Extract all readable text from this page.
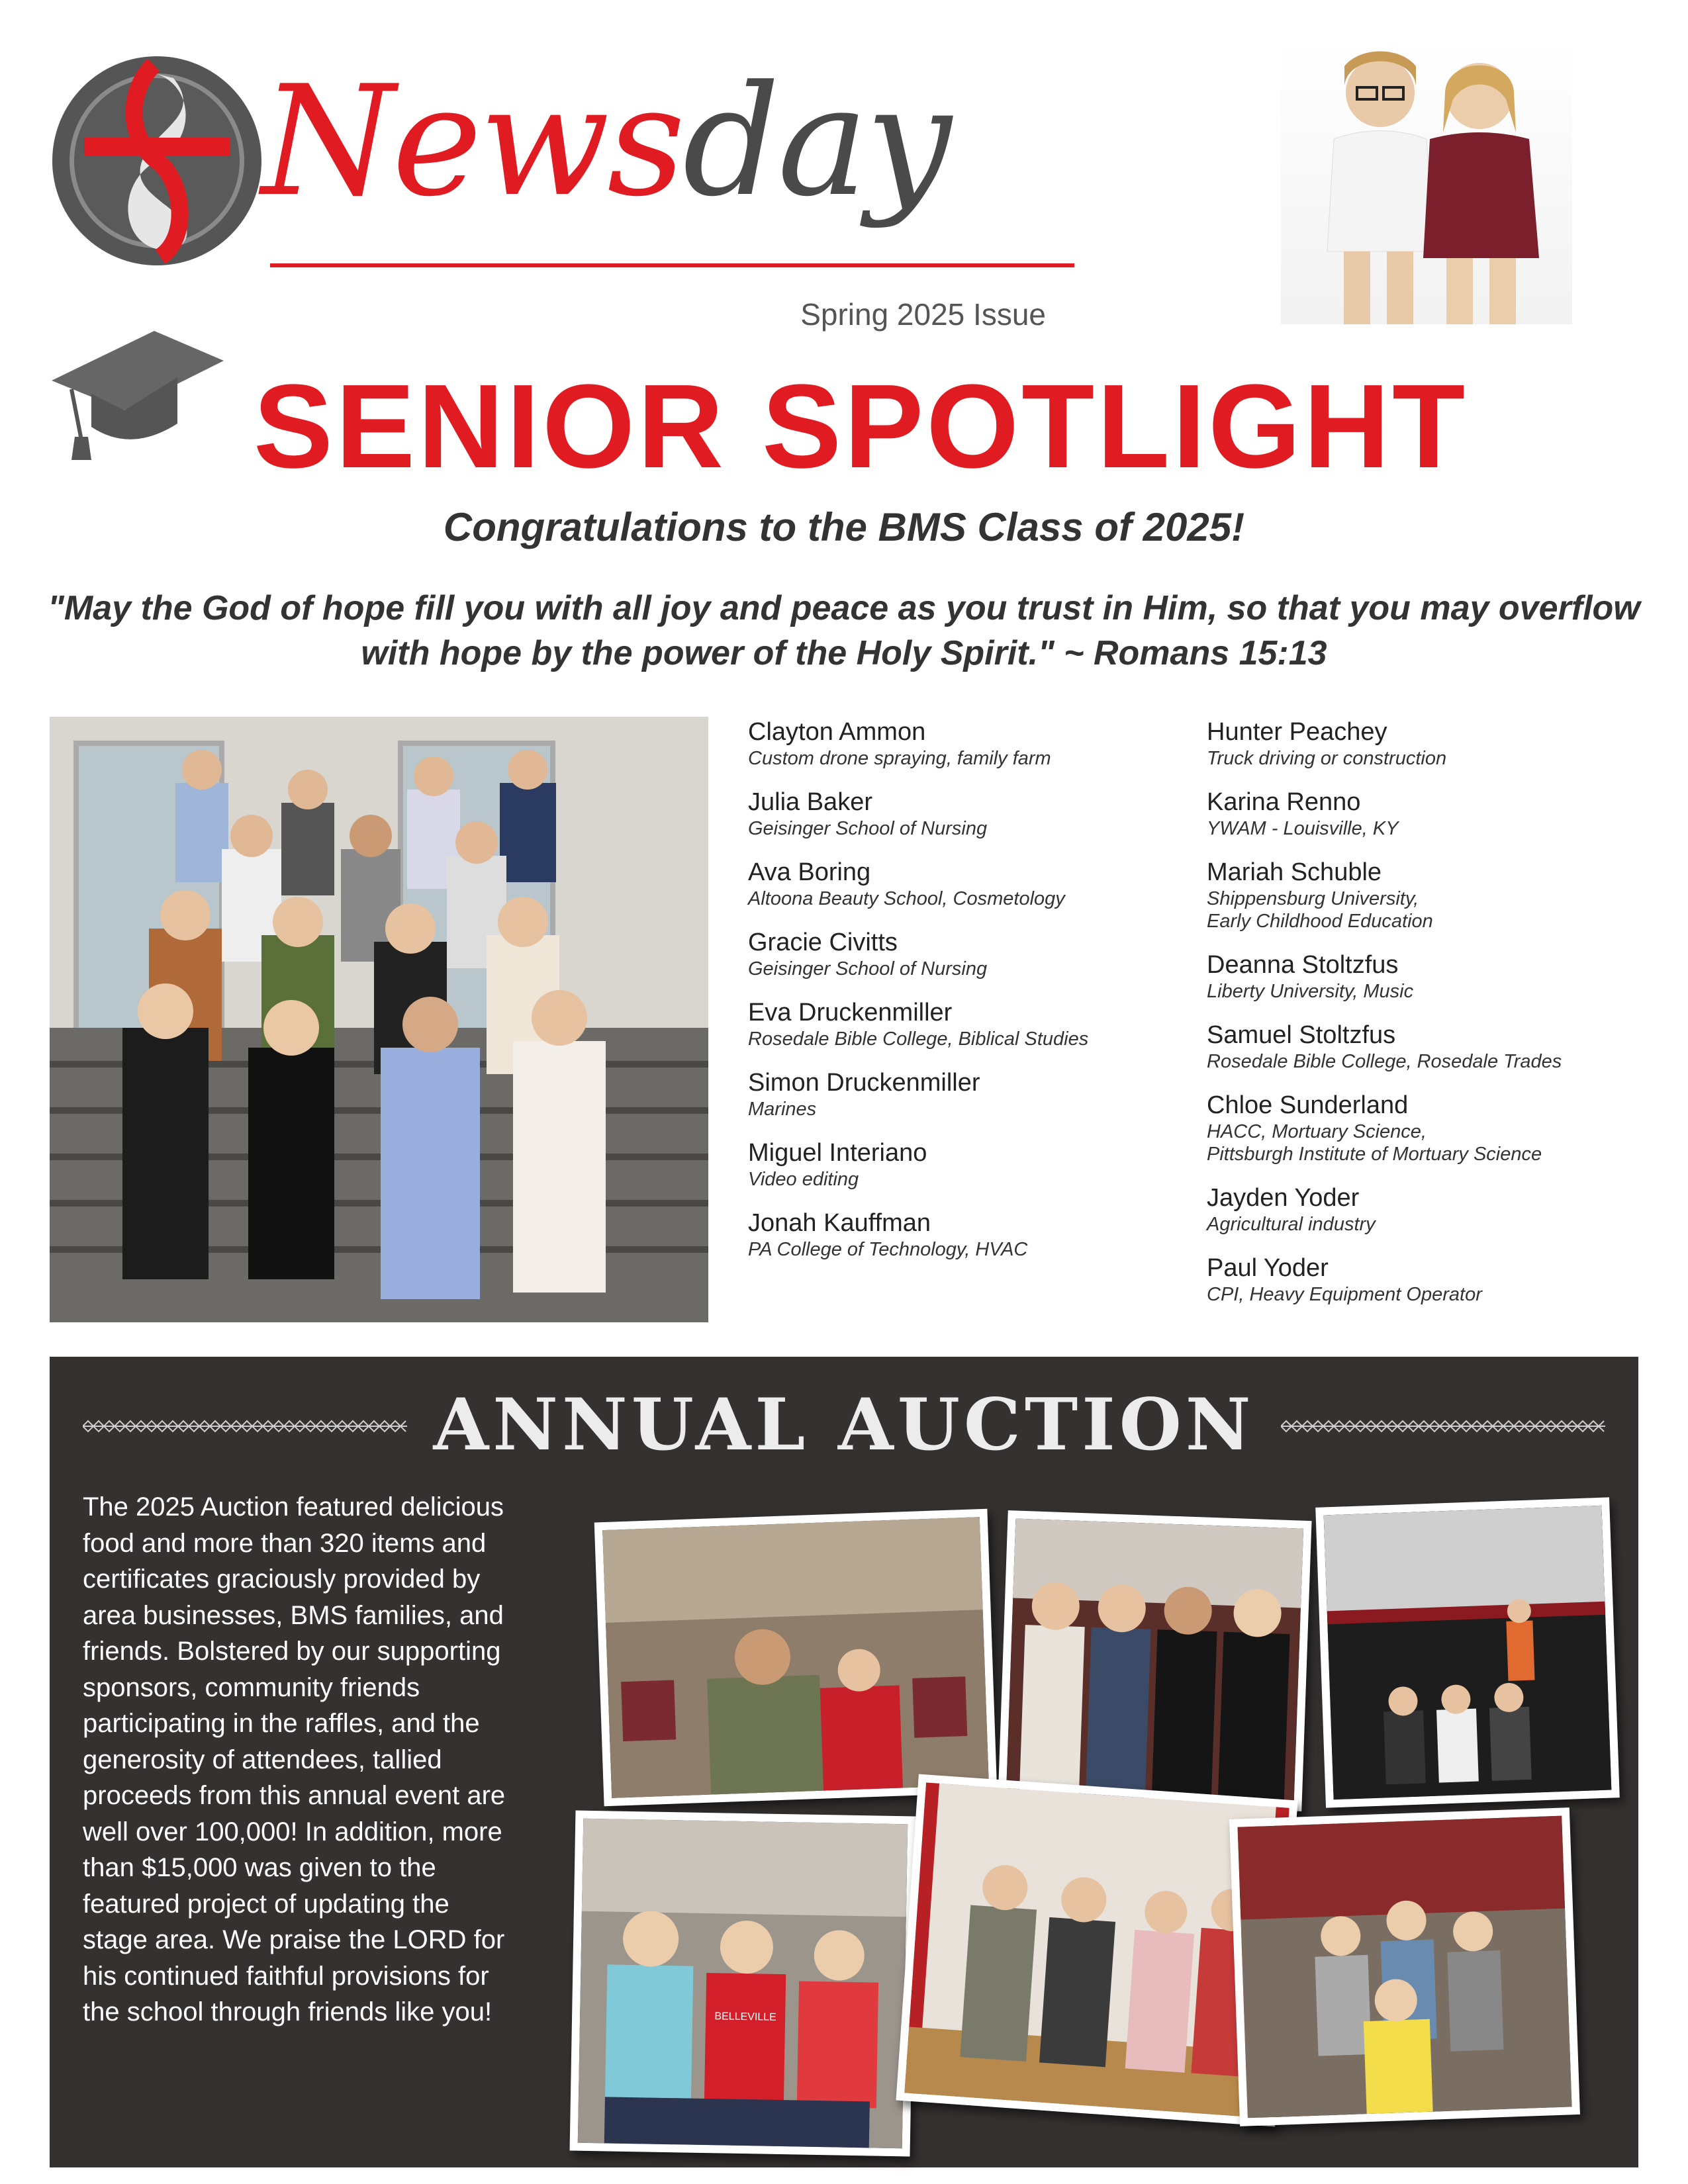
Newsday
Spring 2025 Issue
SENIOR SPOTLIGHT
Congratulations to the BMS Class of 2025!
"May the God of hope fill you with all joy and peace as you trust in Him, so that you may overflow with hope by the power of the Holy Spirit." ~ Romans 15:13
Clayton Ammon
Custom drone spraying, family farm
Julia Baker
Geisinger School of Nursing
Ava Boring
Altoona Beauty School, Cosmetology
Gracie Civitts
Geisinger School of Nursing
Eva Druckenmiller
Rosedale Bible College, Biblical Studies
Simon Druckenmiller
Marines
Miguel Interiano
Video editing
Jonah Kauffman
PA College of Technology, HVAC
Hunter Peachey
Truck driving or construction
Karina Renno
YWAM - Louisville, KY
Mariah Schuble
Shippensburg University,
Early Childhood Education
Deanna Stoltzfus
Liberty University, Music
Samuel Stoltzfus
Rosedale Bible College, Rosedale Trades
Chloe Sunderland
HACC, Mortuary Science,
Pittsburgh Institute of Mortuary Science
Jayden Yoder
Agricultural industry
Paul Yoder
CPI, Heavy Equipment Operator
ANNUAL AUCTION
The 2025 Auction featured delicious food and more than 320 items and certificates graciously provided by area businesses, BMS families, and friends. Bolstered by our supporting sponsors, community friends participating in the raffles, and the generosity of attendees, tallied proceeds from this annual event are well over 100,000! In addition, more than $15,000 was given to the featured project of updating the stage area. We praise the LORD for his continued faithful provisions for the school through friends like you!	BELLEVILLE
